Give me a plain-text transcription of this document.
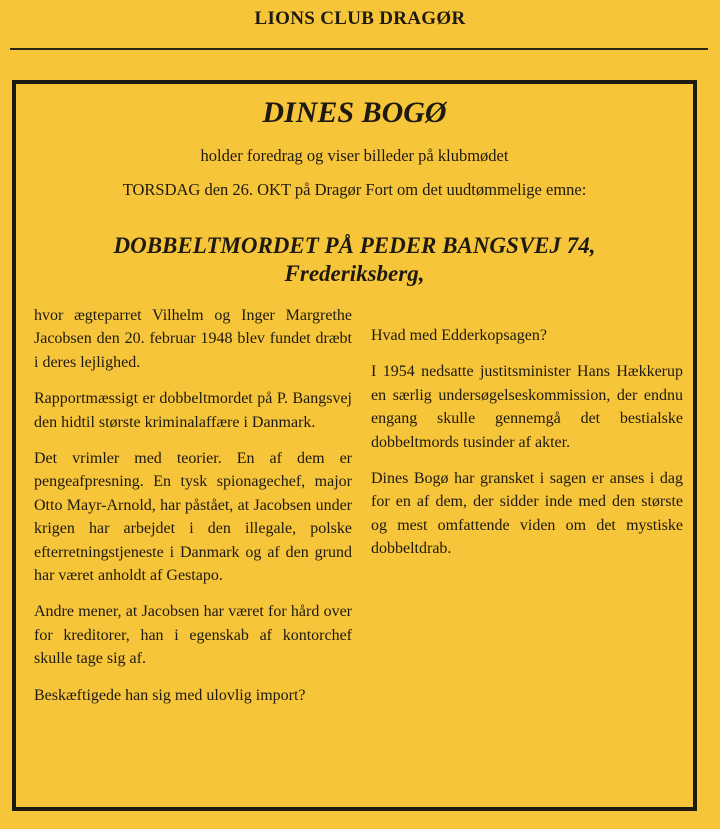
LIONS CLUB DRAGØR
DINES BOGØ
holder foredrag og viser billeder på klubmødet
TORSDAG den 26. OKT på Dragør Fort om det uudtømmelige emne:
DOBBELTMORDET PÅ PEDER BANGSVEJ 74,
Frederiksberg,

hvor ægteparret Vilhelm og Inger Margrethe Jacobsen den 20. februar 1948 blev fundet dræbt i deres lejlighed.

Rapportmæssigt er dobbeltmordet på P. Bangsvej den hidtil største kriminalaffære i Danmark.

Det vrimler med teorier. En af dem er pengeafpresning. En tysk spionagechef, major Otto Mayr-Arnold, har påstået, at Jacobsen under krigen har arbejdet i den illegale, polske efterretningstjeneste i Danmark og af den grund har været anholdt af Gestapo.

Andre mener, at Jacobsen har været for hård over for kreditorer, han i egenskab af kontorchef skulle tage sig af.

Beskæftigede han sig med ulovlig import?

Hvad med Edderkopsagen?

I 1954 nedsatte justitsminister Hans Hækkerup en særlig undersøgelseskommission, der endnu engang skulle gennemgå det bestialske dobbeltmords tusinder af akter.

Dines Bogø har gransket i sagen er anses i dag for en af dem, der sidder inde med den største og mest omfattende viden om det mystiske dobbeltdrab.
